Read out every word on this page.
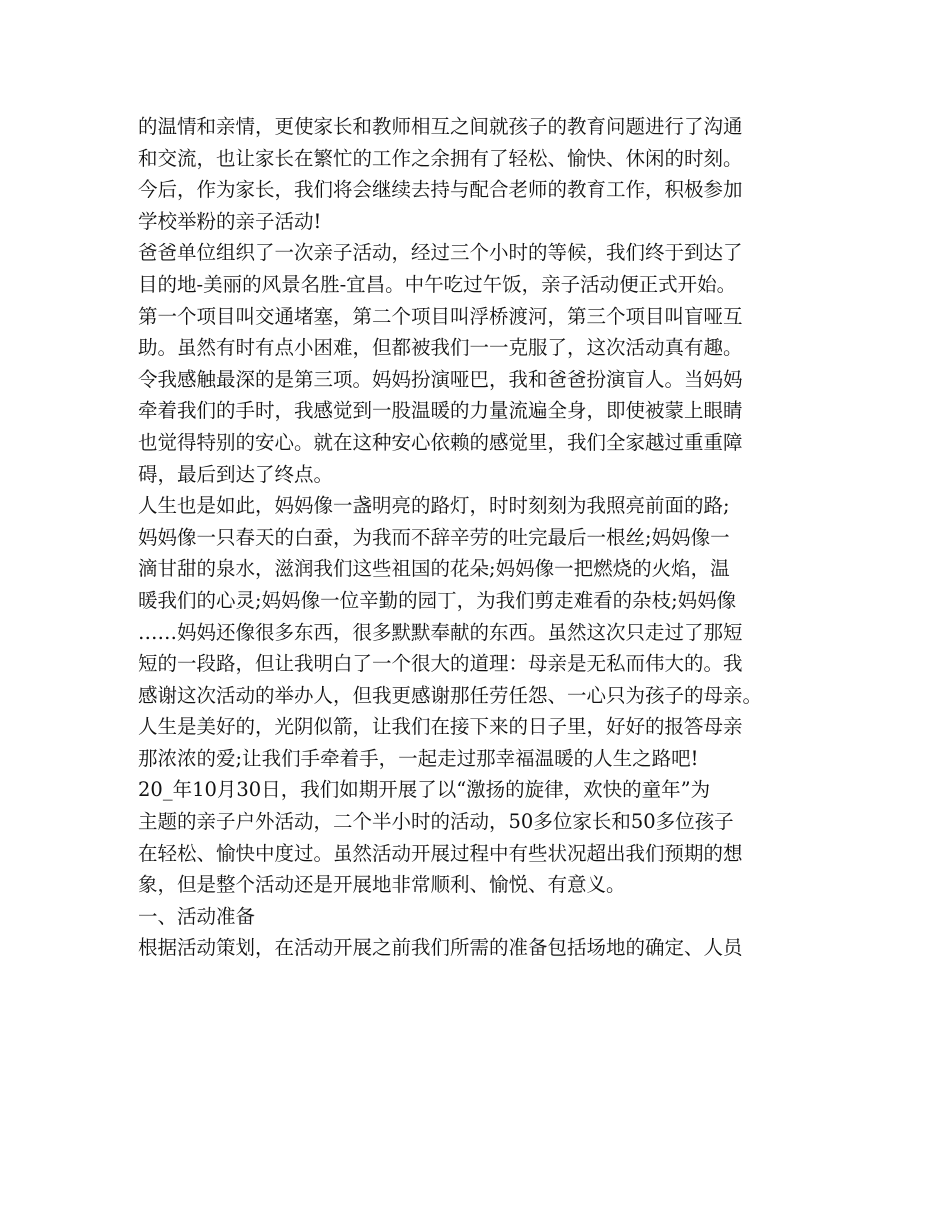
的温情和亲情，更使家长和教师相互之间就孩子的教育问题进行了沟通
和交流，也让家长在繁忙的工作之余拥有了轻松、愉快、休闲的时刻。
今后，作为家长，我们将会继续去持与配合老师的教育工作，积极参加
学校举粉的亲子活动!
爸爸单位组织了一次亲子活动，经过三个小时的等候，我们终于到达了
目的地-美丽的风景名胜-宜昌。中午吃过午饭，亲子活动便正式开始。
第一个项目叫交通堵塞，第二个项目叫浮桥渡河，第三个项目叫盲哑互
助。虽然有时有点小困难，但都被我们一一克服了，这次活动真有趣。
令我感触最深的是第三项。妈妈扮演哑巴，我和爸爸扮演盲人。当妈妈
牵着我们的手时，我感觉到一股温暖的力量流遍全身，即使被蒙上眼睛
也觉得特别的安心。就在这种安心依赖的感觉里，我们全家越过重重障
碍，最后到达了终点。
人生也是如此，妈妈像一盏明亮的路灯，时时刻刻为我照亮前面的路;
妈妈像一只春天的白蚕，为我而不辞辛劳的吐完最后一根丝;妈妈像一
滴甘甜的泉水，滋润我们这些祖国的花朵;妈妈像一把燃烧的火焰，温
暖我们的心灵;妈妈像一位辛勤的园丁，为我们剪走难看的杂枝;妈妈像
……妈妈还像很多东西，很多默默奉献的东西。虽然这次只走过了那短
短的一段路，但让我明白了一个很大的道理：母亲是无私而伟大的。我
感谢这次活动的举办人，但我更感谢那任劳任怨、一心只为孩子的母亲。
人生是美好的，光阴似箭，让我们在接下来的日子里，好好的报答母亲
那浓浓的爱;让我们手牵着手，一起走过那幸福温暖的人生之路吧!
20_年10月30日，我们如期开展了以“激扬的旋律，欢快的童年”为
主题的亲子户外活动，二个半小时的活动，50多位家长和50多位孩子
在轻松、愉快中度过。虽然活动开展过程中有些状况超出我们预期的想
象，但是整个活动还是开展地非常顺利、愉悦、有意义。
一、活动准备
根据活动策划，在活动开展之前我们所需的准备包括场地的确定、人员
